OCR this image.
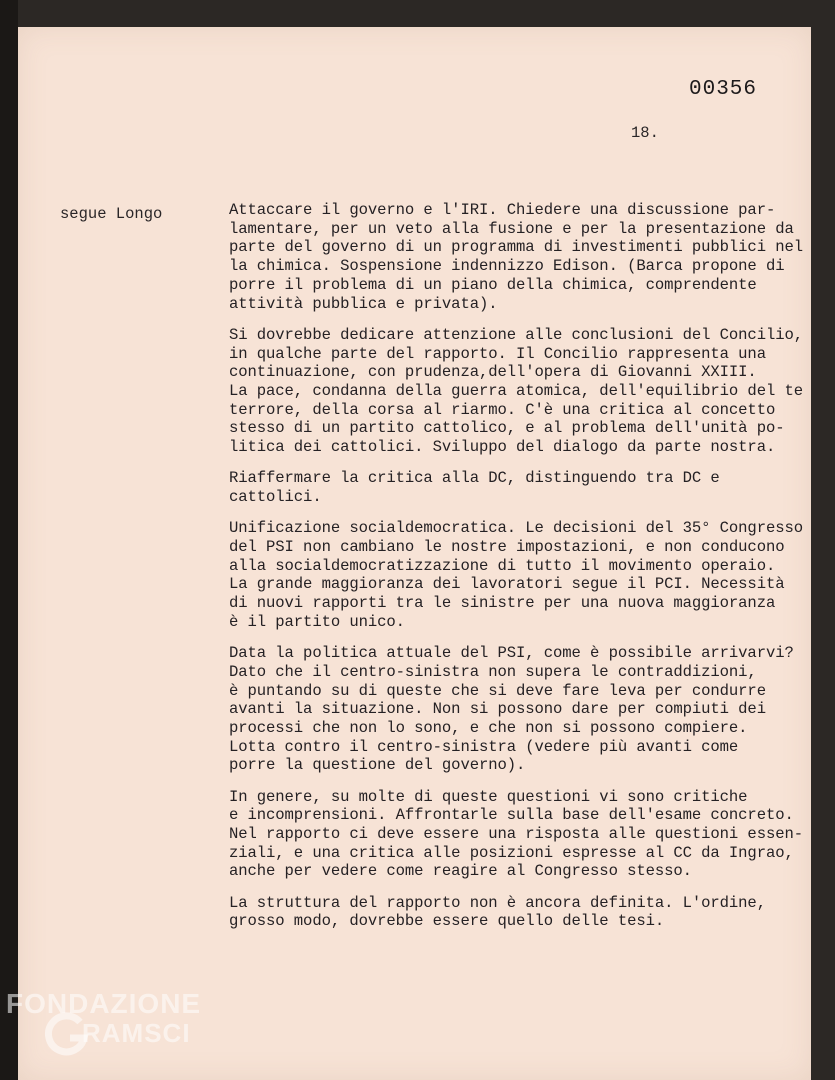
00356
18.
segue Longo	Attaccare il governo e l'IRI. Chiedere una discussione par-
lamentare, per un veto alla fusione e per la presentazione da
parte del governo di un programma di investimenti pubblici nel
la chimica. Sospensione indennizzo Edison. (Barca propone di
porre il problema di un piano della chimica, comprendente
attività pubblica e privata).
Si dovrebbe dedicare attenzione alle conclusioni del Concilio,
in qualche parte del rapporto. Il Concilio rappresenta una
continuazione, con prudenza,dell'opera di Giovanni XXIII.
La pace, condanna della guerra atomica, dell'equilibrio del te
terrore, della corsa al riarmo. C'è una critica al concetto
stesso di un partito cattolico, e al problema dell'unità po-
litica dei cattolici. Sviluppo del dialogo da parte nostra.
Riaffermare la critica alla DC, distinguendo tra DC e
cattolici.
Unificazione socialdemocratica. Le decisioni del 35° Congresso
del PSI non cambiano le nostre impostazioni, e non conducono
alla socialdemocratizzazione di tutto il movimento operaio.
La grande maggioranza dei lavoratori segue il PCI. Necessità
di nuovi rapporti tra le sinistre per una nuova maggioranza
è il partito unico.
Data la politica attuale del PSI, come è possibile arrivarvi?
Dato che il centro-sinistra non supera le contraddizioni,
è puntando su di queste che si deve fare leva per condurre
avanti la situazione. Non si possono dare per compiuti dei
processi che non lo sono, e che non si possono compiere.
Lotta contro il centro-sinistra (vedere più avanti come
porre la questione del governo).
In genere, su molte di queste questioni vi sono critiche
e incomprensioni. Affrontarle sulla base dell'esame concreto.
Nel rapporto ci deve essere una risposta alle questioni essen-
ziali, e una critica alle posizioni espresse al CC da Ingrao,
anche per vedere come reagire al Congresso stesso.
La struttura del rapporto non è ancora definita. L'ordine,
grosso modo, dovrebbe essere quello delle tesi.
FONDAZIONE
RAMSCI
